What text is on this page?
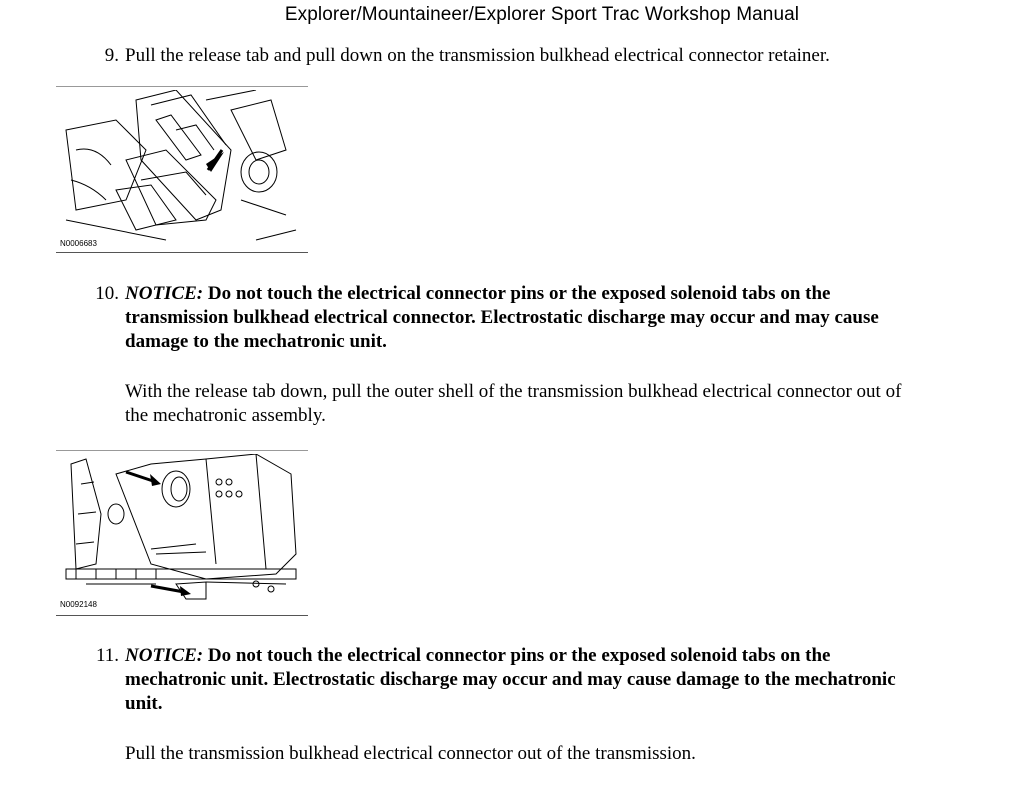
Explorer/Mountaineer/Explorer Sport Trac Workshop Manual
9. Pull the release tab and pull down on the transmission bulkhead electrical connector retainer.
N0006683
10. NOTICE: Do not touch the electrical connector pins or the exposed solenoid tabs on the
transmission bulkhead electrical connector. Electrostatic discharge may occur and may cause
damage to the mechatronic unit.
With the release tab down, pull the outer shell of the transmission bulkhead electrical connector out of
the mechatronic assembly.
N0092148
11. NOTICE: Do not touch the electrical connector pins or the exposed solenoid tabs on the
mechatronic unit. Electrostatic discharge may occur and may cause damage to the mechatronic
unit.
Pull the transmission bulkhead electrical connector out of the transmission.
